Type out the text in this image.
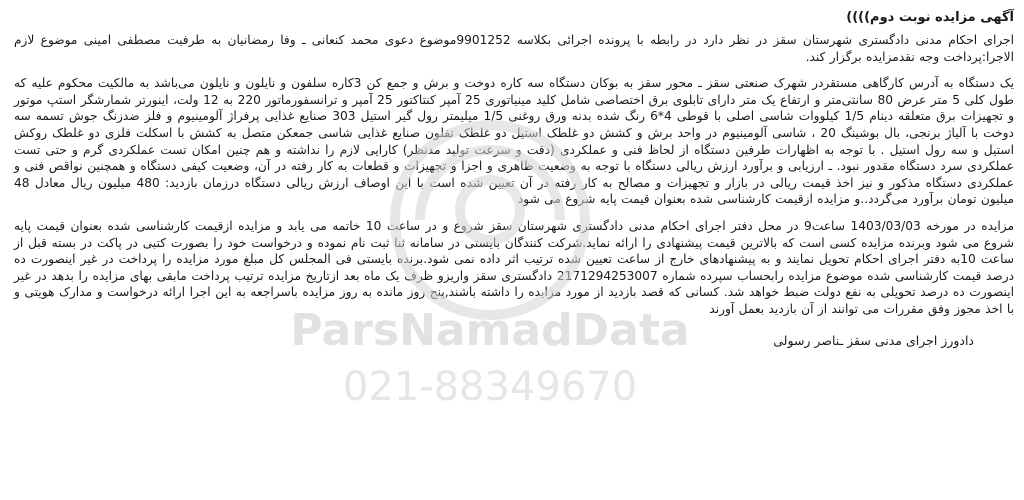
آگهی مزایده نوبت دوم))))

اجرای احکام مدنی دادگستری شهرستان سقز در نظر دارد در رابطه با پرونده اجرائی بکلاسه 9901252موضوع دعوی محمد کنعانی ـ وفا رمضانیان به طرفیت مصطفی امینی موضوع لازم الاجرا:پرداخت وجه نقدمزایده برگزار کند.

یک دستگاه به آدرس کارگاهی مستقردر شهرک صنعتی سقز ـ محور سقز به بوکان دستگاه سه کاره دوخت و برش و جمع کن 3کاره سلفون و نایلون و نایلون می‌باشد به مالکیت محکوم علیه که طول کلی 5 متر عرض 80 سانتی‌متر و ارتفاع یک متر دارای تابلوی برق اختصاصی شامل کلید مینیاتوری 25 آمپر کنتاکتور 25 آمپر و ترانسفورماتور 220 به 12 ولت، اینورتر شمارشگر استپ موتور و تجهیزات برق متعلقه دینام 1/5 کیلووات شاسی اصلی با قوطی 4*6 رنگ شده بدنه ورق روغنی 1/5 میلیمتر رول گیر استیل 303 صنایع غذایی پرفراژ آلومینیوم و فلز ضدزنگ جوش تسمه سه دوخت با آلیاژ برنجی، بال بوشینگ 20 ، شاسی آلومینیوم در واحد برش و کشش دو غلطک استیل دو غلطک تفلون صنایع غذایی شاسی جمعکن متصل به کشش با اسکلت فلزی دو غلطک روکش استیل و سه رول استیل . با توجه به اظهارات طرفین دستگاه از لحاظ فنی و عملکردی (دقت و سرعت تولید مدنظر) کارایی لازم را نداشته و هم چنین امکان تست عملکردی گرم و حتی تست عملکردی سرد دستگاه مقدور نبود. ـ ارزیابی و برآورد ارزش ریالی دستگاه با توجه به وضعیت ظاهری و اجزا و تجهیزات و قطعات به کار رفته در آن، وضعیت کیفی دستگاه و همچنین نواقص فنی و عملکردی دستگاه مذکور و نیز اخذ قیمت ریالی در بازار و تجهیزات و مصالح به کار رفته در آن تعیین شده است با این اوصاف ارزش ریالی دستگاه درزمان بازدید: 480 میلیون ریال معادل 48 میلیون تومان برآورد می‌گردد..و مزایده ازقیمت کارشناسی شده بعنوان قیمت پایه شروع می شود

مزایده در مورخه 1403/03/03 ساعت9 در محل دفتر اجرای احکام مدنی دادگستری شهرستان سقز شروع و در ساعت 10 خاتمه می یابد و مزایده ازقیمت کارشناسی شده بعنوان قیمت پایه شروع می شود وبرنده مزایده کسی است که بالاترین قیمت پیشنهادی را ارائه نماید.شرکت کنندگان بایستی در سامانه ثنا ثبت نام نموده و درخواست خود را بصورت کتبی در پاکت در بسته قبل از ساعت 10به دفتر اجرای احکام تحویل نمایند و به پیشنهادهای خارج از ساعت تعیین شده ترتیب اثر داده نمی شود.برنده بایستی فی المجلس کل مبلغ مورد مزایده را پرداخت در غیر اینصورت ده درصد قیمت کارشناسی شده موضوع مزایده رابحساب سپرده شماره 2171294253007 دادگستری سقز واریزو ظرف یک ماه بعد ازتاریخ مزایده ترتیب پرداخت مابقی بهای مزایده را بدهد در غیر اینصورت ده درصد تحویلی به نفع دولت ضبط خواهد شد. کسانی که قصد بازدید از مورد مزایده را داشته باشند,پنج روز مانده به روز مزایده باسراجعه به این اجرا ارائه درخواست و مدارک هویتی و با اخذ مجوز وفق مقررات می توانند از آن بازدید بعمل آورند

دادورز اجرای مدنی سقز ـناصر رسولی
ParsNamadData
021-88349670
